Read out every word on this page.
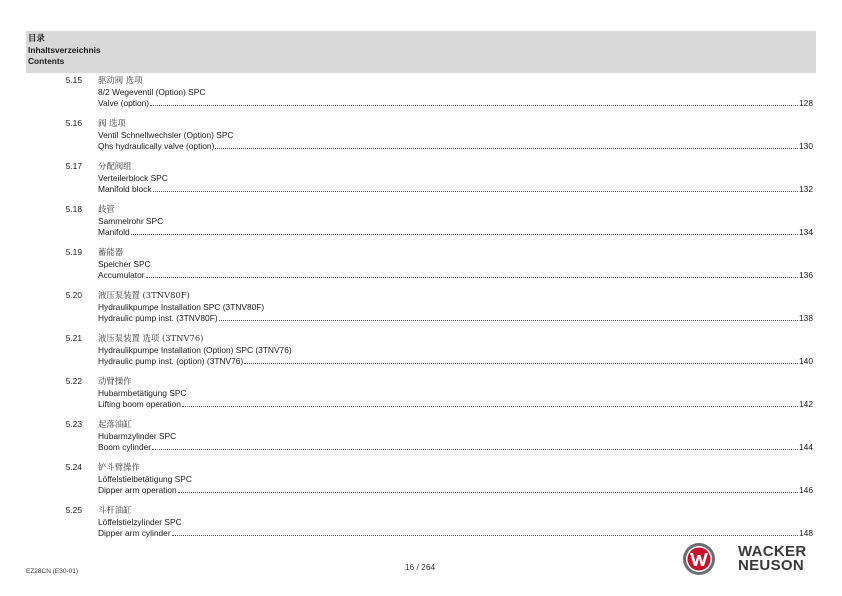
目录
Inhaltsverzeichnis
Contents
5.15 驱动阀 选项
8/2 Wegeventil (Option) SPC
Valve (option)	128
5.16 阀 选项
Ventil Schnellwechsler (Option) SPC
Qhs hydraulically valve (option)	130
5.17 分配阀组
Verteilerblock SPC
Manifold block	132
5.18 歧管
Sammelrohr SPC
Manifold	134
5.19 蓄能器
Speicher SPC
Accumulator	136
5.20 液压泵装置 (3TNV80F)
Hydraulikpumpe Installation SPC (3TNV80F)
Hydraulic pump inst. (3TNV80F)	138
5.21 液压泵装置 选项 (3TNV76)
Hydraulikpumpe Installation (Option) SPC (3TNV76)
Hydraulic pump inst. (option) (3TNV76)	140
5.22 动臂操作
Hubarmbetätigung SPC
Lifting boom operation	142
5.23 起落油缸
Hubarmzylinder SPC
Boom cylinder	144
5.24 铲斗臂操作
Löffelstielbetätigung SPC
Dipper arm operation	146
5.25 斗杆油缸
Löffelstielzylinder SPC
Dipper arm cylinder	148
EZ28CN (E30-01)	16 / 264
WACKER
NEUSON
